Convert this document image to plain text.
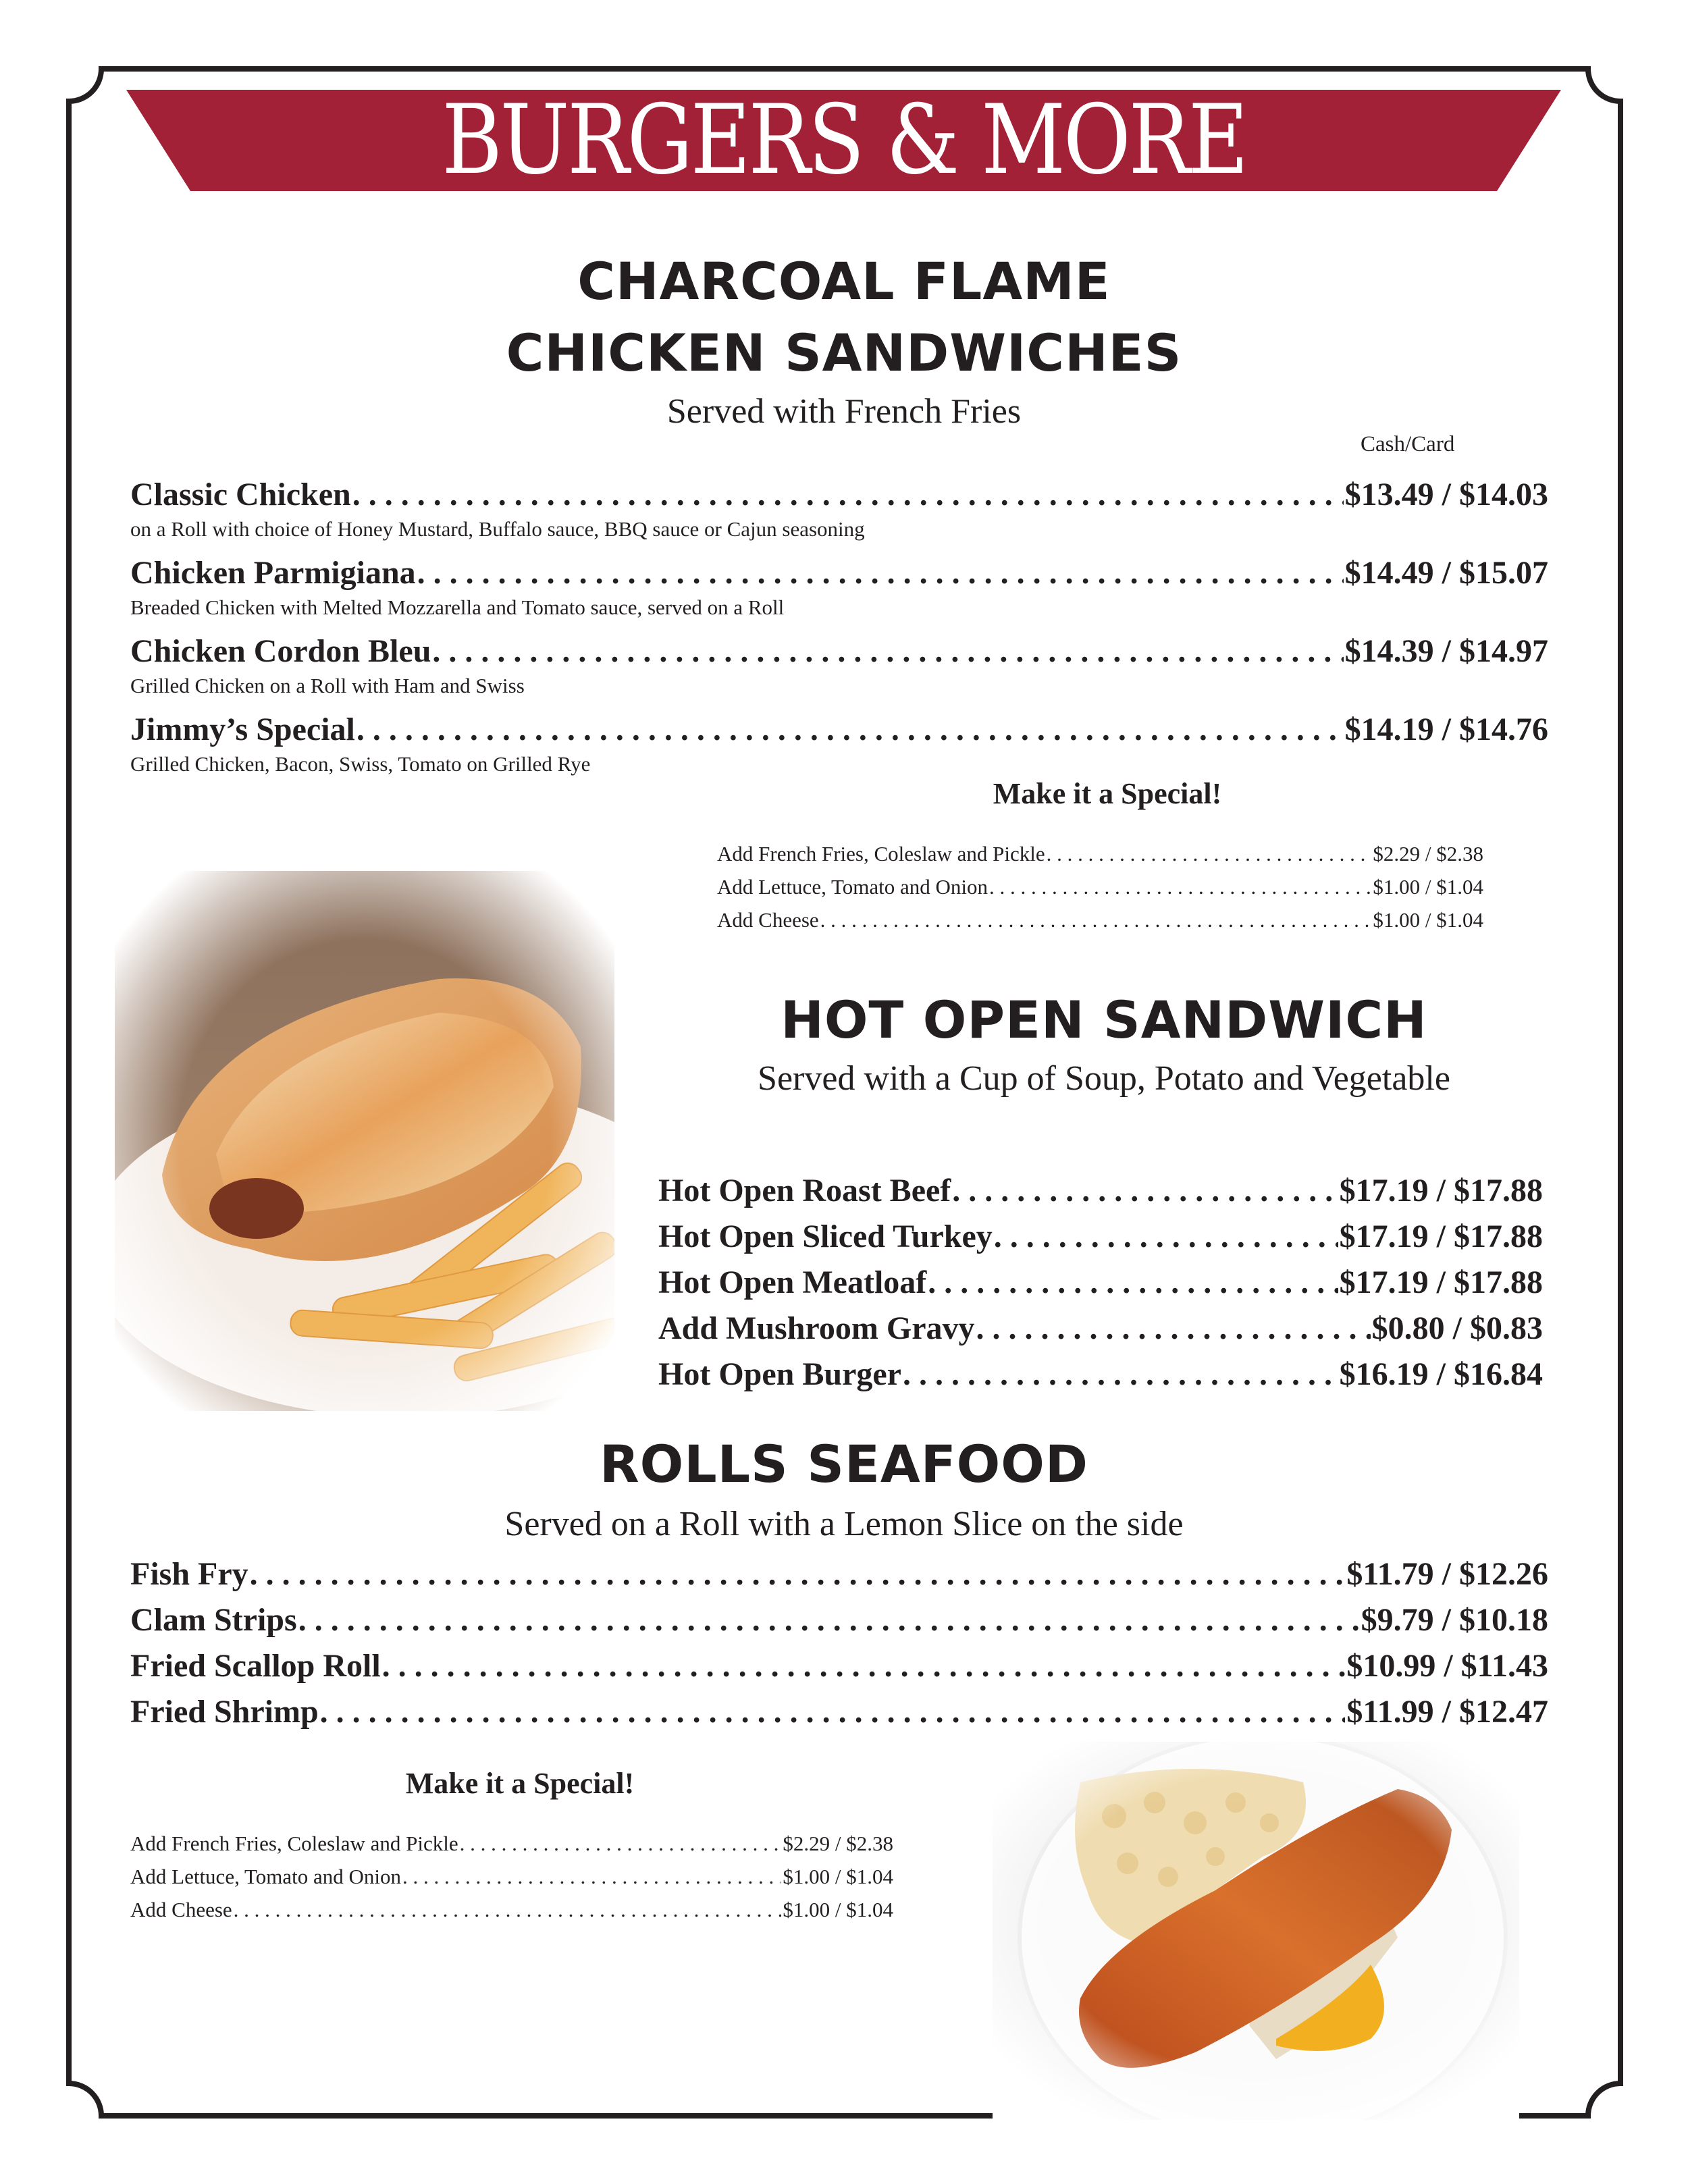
BURGERS & MORE
CHARCOAL FLAME
CHICKEN SANDWICHES
Served with French Fries
Cash/Card
Classic Chicken . . .	$13.49 / $14.03
on a Roll with choice of Honey Mustard, Buffalo sauce, BBQ sauce or Cajun seasoning
Chicken Parmigiana . . .	$14.49 / $15.07
Breaded Chicken with Melted Mozzarella and Tomato sauce, served on a Roll
Chicken Cordon Bleu . . .	$14.39 / $14.97
Grilled Chicken on a Roll with Ham and Swiss
Jimmy’s Special . . .	$14.19 / $14.76
Grilled Chicken, Bacon, Swiss, Tomato on Grilled Rye
Make it a Special!
Add French Fries, Coleslaw and Pickle . . .	$2.29 / $2.38
Add Lettuce, Tomato and Onion . . .	$1.00 / $1.04
Add Cheese . . .	$1.00 / $1.04
HOT OPEN SANDWICH
Served with a Cup of Soup, Potato and Vegetable
Hot Open Roast Beef . . .	$17.19 / $17.88
Hot Open Sliced Turkey . . .	$17.19 / $17.88
Hot Open Meatloaf . . .	$17.19 / $17.88
Add Mushroom Gravy . . .	$0.80 / $0.83
Hot Open Burger . . .	$16.19 / $16.84
ROLLS SEAFOOD
Served on a Roll with a Lemon Slice on the side
Fish Fry . . .	$11.79 / $12.26
Clam Strips . . .	$9.79 / $10.18
Fried Scallop Roll . . .	$10.99 / $11.43
Fried Shrimp . . .	$11.99 / $12.47
Make it a Special!
Add French Fries, Coleslaw and Pickle . . .	$2.29 / $2.38
Add Lettuce, Tomato and Onion . . .	$1.00 / $1.04
Add Cheese . . .	$1.00 / $1.04
